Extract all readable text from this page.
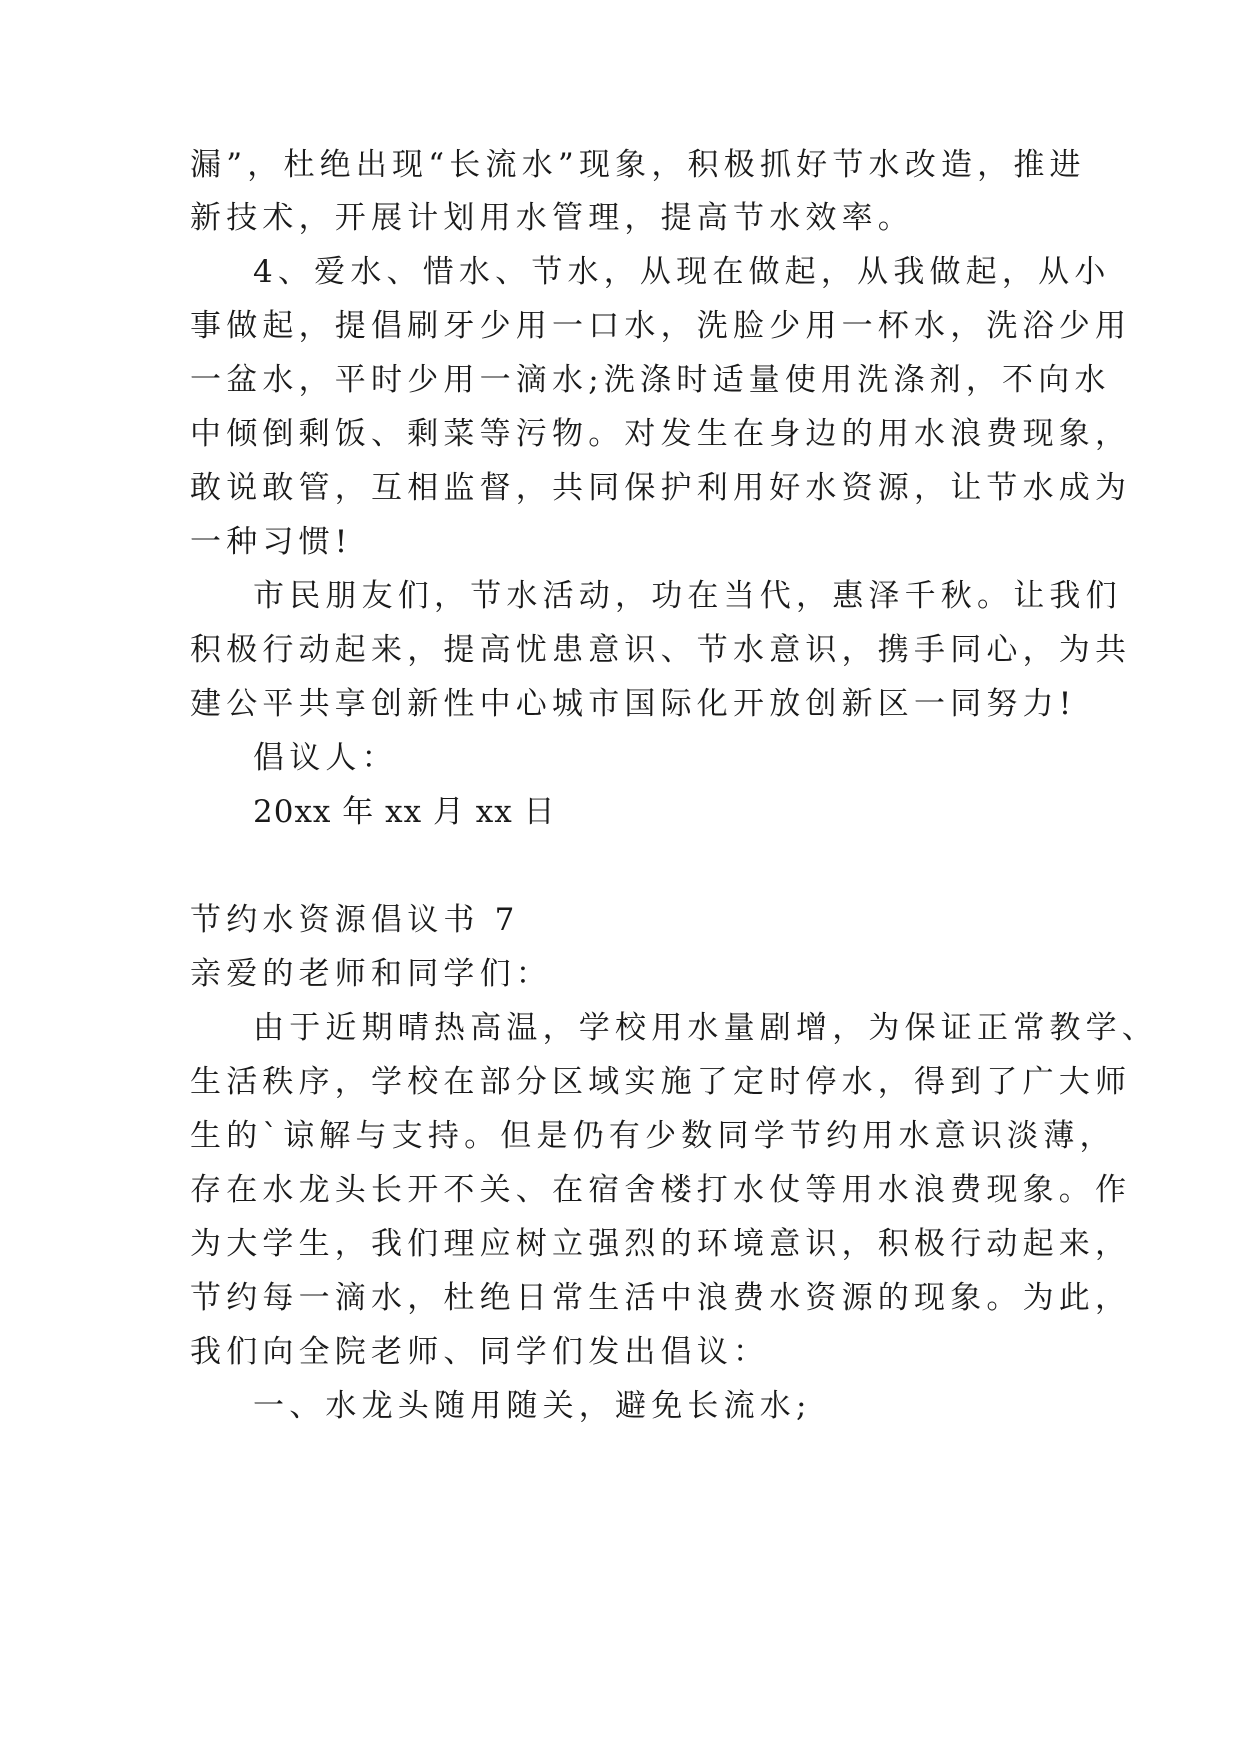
漏”，杜绝出现“长流水”现象，积极抓好节水改造，推进
新技术，开展计划用水管理，提高节水效率。
4、爱水、惜水、节水，从现在做起，从我做起，从小
事做起，提倡刷牙少用一口水，洗脸少用一杯水，洗浴少用
一盆水，平时少用一滴水;洗涤时适量使用洗涤剂，不向水
中倾倒剩饭、剩菜等污物。对发生在身边的用水浪费现象，
敢说敢管，互相监督，共同保护利用好水资源，让节水成为
一种习惯!
市民朋友们，节水活动，功在当代，惠泽千秋。让我们
积极行动起来，提高忧患意识、节水意识，携手同心，为共
建公平共享创新性中心城市国际化开放创新区一同努力!
倡议人：
20xx 年 xx 月 xx 日
节约水资源倡议书 7
亲爱的老师和同学们：
由于近期晴热高温，学校用水量剧增，为保证正常教学、
生活秩序，学校在部分区域实施了定时停水，得到了广大师
生的`谅解与支持。但是仍有少数同学节约用水意识淡薄，
存在水龙头长开不关、在宿舍楼打水仗等用水浪费现象。作
为大学生，我们理应树立强烈的环境意识，积极行动起来，
节约每一滴水，杜绝日常生活中浪费水资源的现象。为此，
我们向全院老师、同学们发出倡议：
一、水龙头随用随关，避免长流水;
